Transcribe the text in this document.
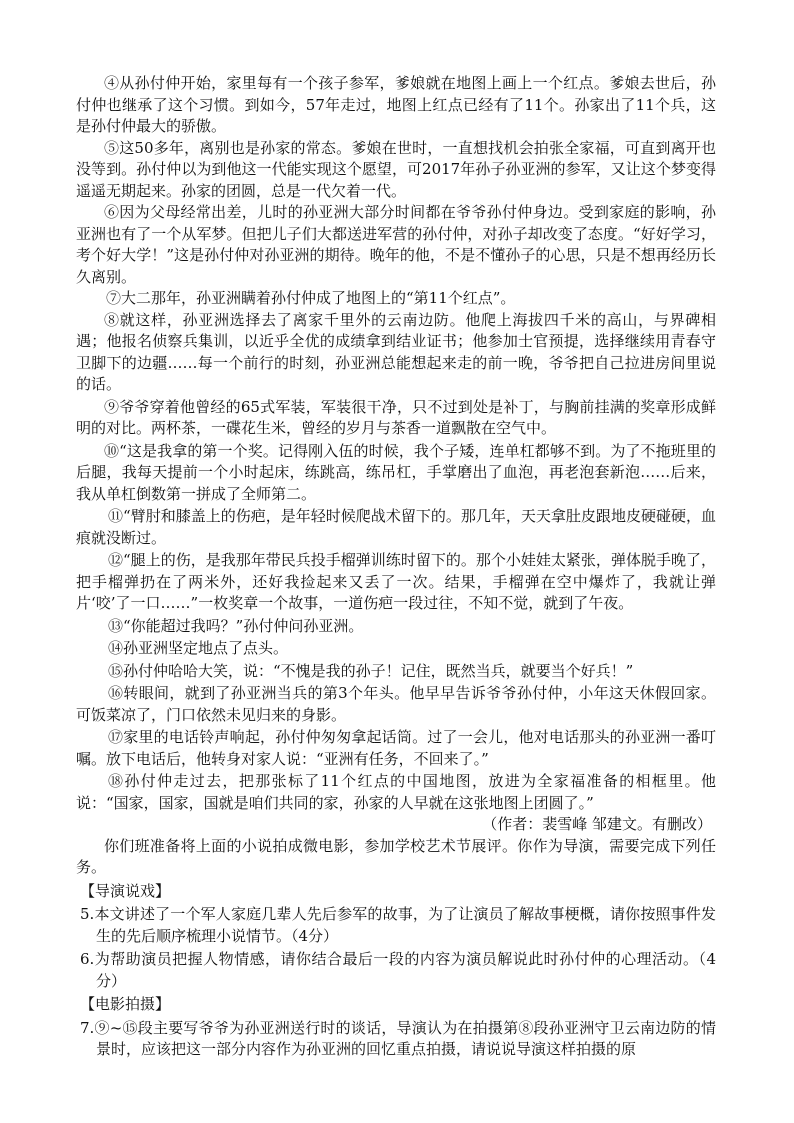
④从孙付仲开始，家里每有一个孩子参军，爹娘就在地图上画上一个红点。爹娘去世后，孙付仲也继承了这个习惯。到如今，57年走过，地图上红点已经有了11个。孙家出了11个兵，这是孙付仲最大的骄傲。

⑤这50多年，离别也是孙家的常态。爹娘在世时，一直想找机会拍张全家福，可直到离开也没等到。孙付仲以为到他这一代能实现这个愿望，可2017年孙子孙亚洲的参军，又让这个梦变得遥遥无期起来。孙家的团圆，总是一代欠着一代。

⑥因为父母经常出差，儿时的孙亚洲大部分时间都在爷爷孙付仲身边。受到家庭的影响，孙亚洲也有了一个从军梦。但把儿子们大都送进军营的孙付仲，对孙子却改变了态度。“好好学习，考个好大学！”这是孙付仲对孙亚洲的期待。晚年的他，不是不懂孙子的心思，只是不想再经历长久离别。

⑦大二那年，孙亚洲瞒着孙付仲成了地图上的“第11个红点”。

⑧就这样，孙亚洲选择去了离家千里外的云南边防。他爬上海拔四千米的高山，与界碑相遇；他报名侦察兵集训，以近乎全优的成绩拿到结业证书；他参加士官预提，选择继续用青春守卫脚下的边疆……每一个前行的时刻，孙亚洲总能想起来走的前一晚，爷爷把自己拉进房间里说的话。

⑨爷爷穿着他曾经的65式军装，军装很干净，只不过到处是补丁，与胸前挂满的奖章形成鲜明的对比。两杯茶，一碟花生米，曾经的岁月与茶香一道飘散在空气中。

⑩“这是我拿的第一个奖。记得刚入伍的时候，我个子矮，连单杠都够不到。为了不拖班里的后腿，我每天提前一个小时起床，练跳高，练吊杠，手掌磨出了血泡，再老泡套新泡……后来，我从单杠倒数第一拼成了全师第二。

⑪“臂肘和膝盖上的伤疤，是年轻时候爬战术留下的。那几年，天天拿肚皮跟地皮硬碰硬，血痕就没断过。

⑫“腿上的伤，是我那年带民兵投手榴弹训练时留下的。那个小娃娃太紧张，弹体脱手晚了，把手榴弹扔在了两米外，还好我捡起来又丢了一次。结果，手榴弹在空中爆炸了，我就让弹片‘咬’了一口……”一枚奖章一个故事，一道伤疤一段过往，不知不觉，就到了午夜。

⑬“你能超过我吗？”孙付仲问孙亚洲。

⑭孙亚洲坚定地点了点头。

⑮孙付仲哈哈大笑，说：“不愧是我的孙子！记住，既然当兵，就要当个好兵！”

⑯转眼间，就到了孙亚洲当兵的第3个年头。他早早告诉爷爷孙付仲，小年这天休假回家。可饭菜凉了，门口依然未见归来的身影。

⑰家里的电话铃声响起，孙付仲匆匆拿起话筒。过了一会儿，他对电话那头的孙亚洲一番叮嘱。放下电话后，他转身对家人说：“亚洲有任务，不回来了。”

⑱孙付仲走过去，把那张标了11个红点的中国地图，放进为全家福准备的相框里。他说：“国家，国家，国就是咱们共同的家，孙家的人早就在这张地图上团圆了。”

（作者：裴雪峰 邹建文。有删改）

你们班准备将上面的小说拍成微电影，参加学校艺术节展评。你作为导演，需要完成下列任务。

【导演说戏】

5.本文讲述了一个军人家庭几辈人先后参军的故事，为了让演员了解故事梗概，请你按照事件发生的先后顺序梳理小说情节。（4分）

6.为帮助演员把握人物情感，请你结合最后一段的内容为演员解说此时孙付仲的心理活动。（4分）

【电影拍摄】

7.⑨~⑮段主要写爷爷为孙亚洲送行时的谈话，导演认为在拍摄第⑧段孙亚洲守卫云南边防的情景时，应该把这一部分内容作为孙亚洲的回忆重点拍摄，请说说导演这样拍摄的原
